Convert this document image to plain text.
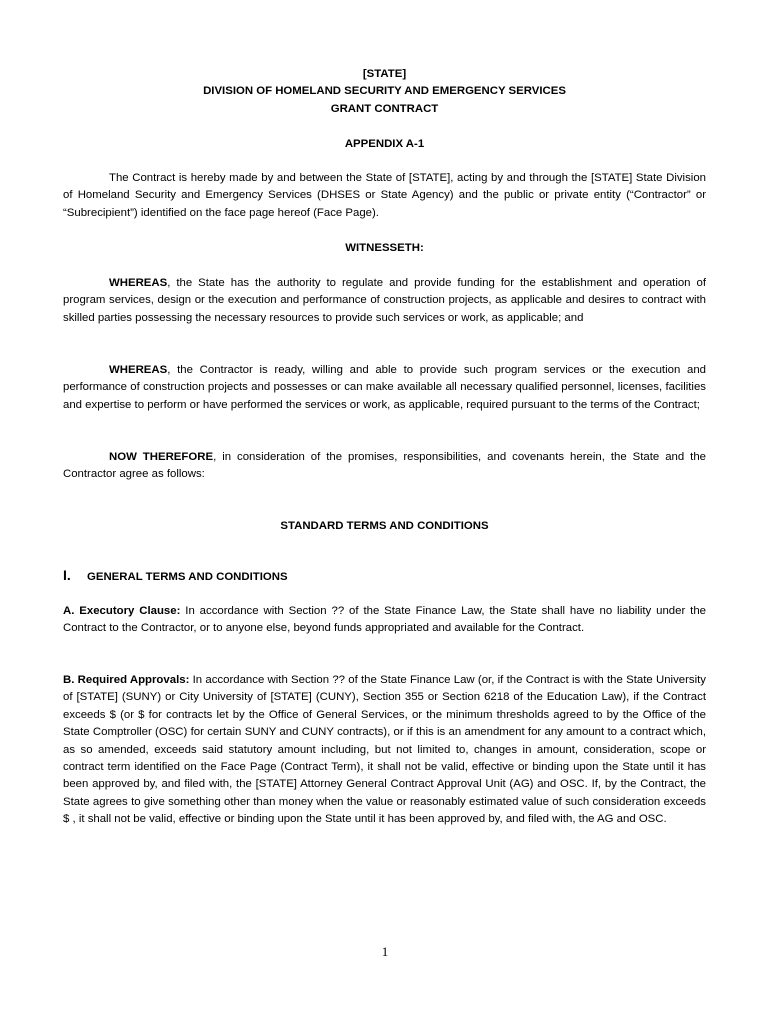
[STATE]
DIVISION OF HOMELAND SECURITY AND EMERGENCY SERVICES
GRANT CONTRACT
APPENDIX A-1

The Contract is hereby made by and between the State of [STATE], acting by and through the [STATE] State Division of Homeland Security and Emergency Services (DHSES or State Agency) and the public or private entity (“Contractor” or “Subrecipient”) identified on the face page hereof (Face Page).

WITNESSETH:

WHEREAS, the State has the authority to regulate and provide funding for the establishment and operation of program services, design or the execution and performance of construction projects, as applicable and desires to contract with skilled parties possessing the necessary resources to provide such services or work, as applicable; and

WHEREAS, the Contractor is ready, willing and able to provide such program services or the execution and performance of construction projects and possesses or can make available all necessary qualified personnel, licenses, facilities and expertise to perform or have performed the services or work, as applicable, required pursuant to the terms of the Contract;

NOW THEREFORE, in consideration of the promises, responsibilities, and covenants herein, the State and the Contractor agree as follows:

STANDARD TERMS AND CONDITIONS
I. GENERAL TERMS AND CONDITIONS

A. Executory Clause: In accordance with Section ?? of the State Finance Law, the State shall have no liability under the Contract to the Contractor, or to anyone else, beyond funds appropriated and available for the Contract.

B. Required Approvals: In accordance with Section ?? of the State Finance Law (or, if the Contract is with the State University of [STATE] (SUNY) or City University of [STATE] (CUNY), Section 355 or Section 6218 of the Education Law), if the Contract exceeds $ (or $ for contracts let by the Office of General Services, or the minimum thresholds agreed to by the Office of the State Comptroller (OSC) for certain SUNY and CUNY contracts), or if this is an amendment for any amount to a contract which, as so amended, exceeds said statutory amount including, but not limited to, changes in amount, consideration, scope or contract term identified on the Face Page (Contract Term), it shall not be valid, effective or binding upon the State until it has been approved by, and filed with, the [STATE] Attorney General Contract Approval Unit (AG) and OSC. If, by the Contract, the State agrees to give something other than money when the value or reasonably estimated value of such consideration exceeds $ , it shall not be valid, effective or binding upon the State until it has been approved by, and filed with, the AG and OSC.

1
